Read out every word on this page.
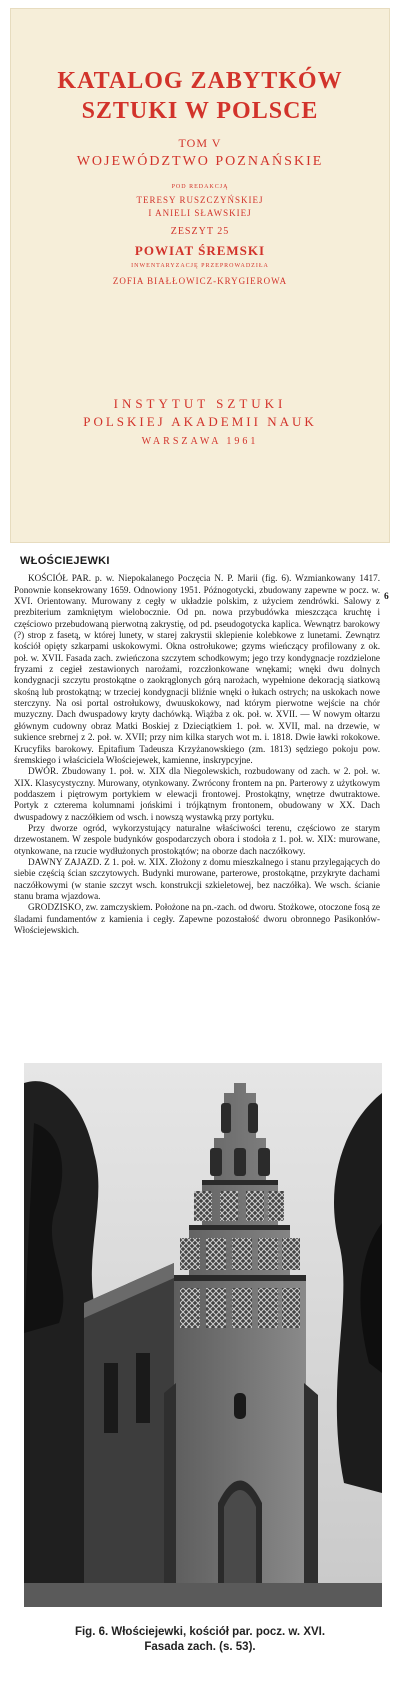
KATALOG ZABYTKÓW
SZTUKI W POLSCE
TOM V
WOJEWÓDZTWO POZNAŃSKIE
POD REDAKCJĄ
TERESY RUSZCZYŃSKIEJ
I ANIELI SŁAWSKIEJ
ZESZYT 25
POWIAT ŚREMSKI
INWENTARYZACJĘ PRZEPROWADZIŁA
ZOFIA BIAŁŁOWICZ-KRYGIEROWA
INSTYTUT SZTUKI
POLSKIEJ AKADEMII NAUK
WARSZAWA 1961
WŁOŚCIEJEWKI

KOŚCIÓŁ PAR. p. w. Niepokalanego Poczęcia N. P. Marii (fig. 6). Wzmiankowany 1417. Ponownie konsekrowany 1659. Odnowiony 1951. Późnogotycki, zbudowany zapewne w pocz. w. XVI. Orientowany. Murowany z cegły w układzie polskim, z użyciem zendrówki. Salowy z prezbiterium zamkniętym wielobocznie. Od pn. nowa przybudówka mieszcząca kruchtę i częściowo przebudowaną pierwotną zakrystię, od pd. pseudogotycka kaplica. Wewnątrz barokowy (?) strop z fasetą, w której lunety, w starej zakrystii sklepienie kolebkowe z lunetami. Zewnątrz kościół opięty szkarpami uskokowymi. Okna ostrołukowe; gzyms wieńczący profilowany z ok. poł. w. XVII. Fasada zach. zwieńczona szczytem schodkowym; jego trzy kondygnacje rozdzielone fryzami z cegieł zestawionych narożami, rozczłonkowane wnękami; wnęki dwu dolnych kondygnacji szczytu prostokątne o zaokrąglonych górą narożach, wypełnione dekoracją siatkową skośną lub prostokątną; w trzeciej kondygnacji bliźnie wnęki o łukach ostrych; na uskokach nowe sterczyny. Na osi portal ostrołukowy, dwuuskokowy, nad którym pierwotne wejście na chór muzyczny. Dach dwuspadowy kryty dachówką. Wiążba z ok. poł. w. XVII. — W nowym ołtarzu głównym cudowny obraz Matki Boskiej z Dzieciątkiem 1. poł. w. XVII, mal. na drzewie, w sukience srebrnej z 2. poł. w. XVII; przy nim kilka starych wot m. i. 1818. Dwie ławki rokokowe. Krucyfiks barokowy. Epitafium Tadeusza Krzyżanowskiego (zm. 1813) sędziego pokoju pow. śremskiego i właściciela Włościejewek, kamienne, inskrypcyjne.

DWÓR. Zbudowany 1. poł. w. XIX dla Niegolewskich, rozbudowany od zach. w 2. poł. w. XIX. Klasycystyczny. Murowany, otynkowany. Zwrócony frontem na pn. Parterowy z użytkowym poddaszem i piętrowym portykiem w elewacji frontowej. Prostokątny, wnętrze dwutraktowe. Portyk z czterema kolumnami jońskimi i trójkątnym frontonem, obudowany w XX. Dach dwuspadowy z naczółkiem od wsch. i nowszą wystawką przy portyku.

Przy dworze ogród, wykorzystujący naturalne właściwości terenu, częściowo ze starym drzewostanem. W zespole budynków gospodarczych obora i stodoła z 1. poł. w. XIX: murowane, otynkowane, na rzucie wydłużonych prostokątów; na oborze dach naczółkowy.

DAWNY ZAJAZD. Z 1. poł. w. XIX. Złożony z domu mieszkalnego i stanu przylegających do siebie częścią ścian szczytowych. Budynki murowane, parterowe, prostokątne, przykryte dachami naczółkowymi (w stanie szczyt wsch. konstrukcji szkieletowej, bez naczółka). We wsch. ścianie stanu brama wjazdowa.

GRODZISKO, zw. zamczyskiem. Położone na pn.-zach. od dworu. Stożkowe, otoczone fosą ze śladami fundamentów z kamienia i cegły. Zapewne pozostałość dworu obronnego Pasikonłów-Włościejewskich.

6
Fig. 6. Włościejewki, kościół par. pocz. w. XVI.
Fasada zach. (s. 53).
